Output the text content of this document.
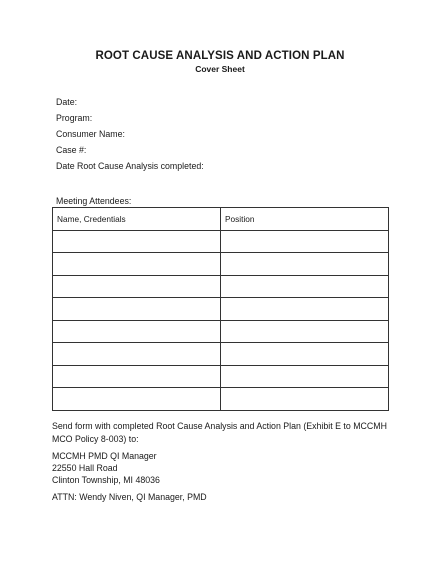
ROOT CAUSE ANALYSIS AND ACTION PLAN
Cover Sheet
Date:
Program:
Consumer Name:
Case #:
Date Root Cause Analysis completed:
Meeting Attendees:
Name, Credentials	Position

Send form with completed Root Cause Analysis and Action Plan (Exhibit E to MCCMH MCO Policy 8-003) to:
MCCMH PMD QI Manager
22550 Hall Road
Clinton Township, MI 48036
ATTN: Wendy Niven, QI Manager, PMD
